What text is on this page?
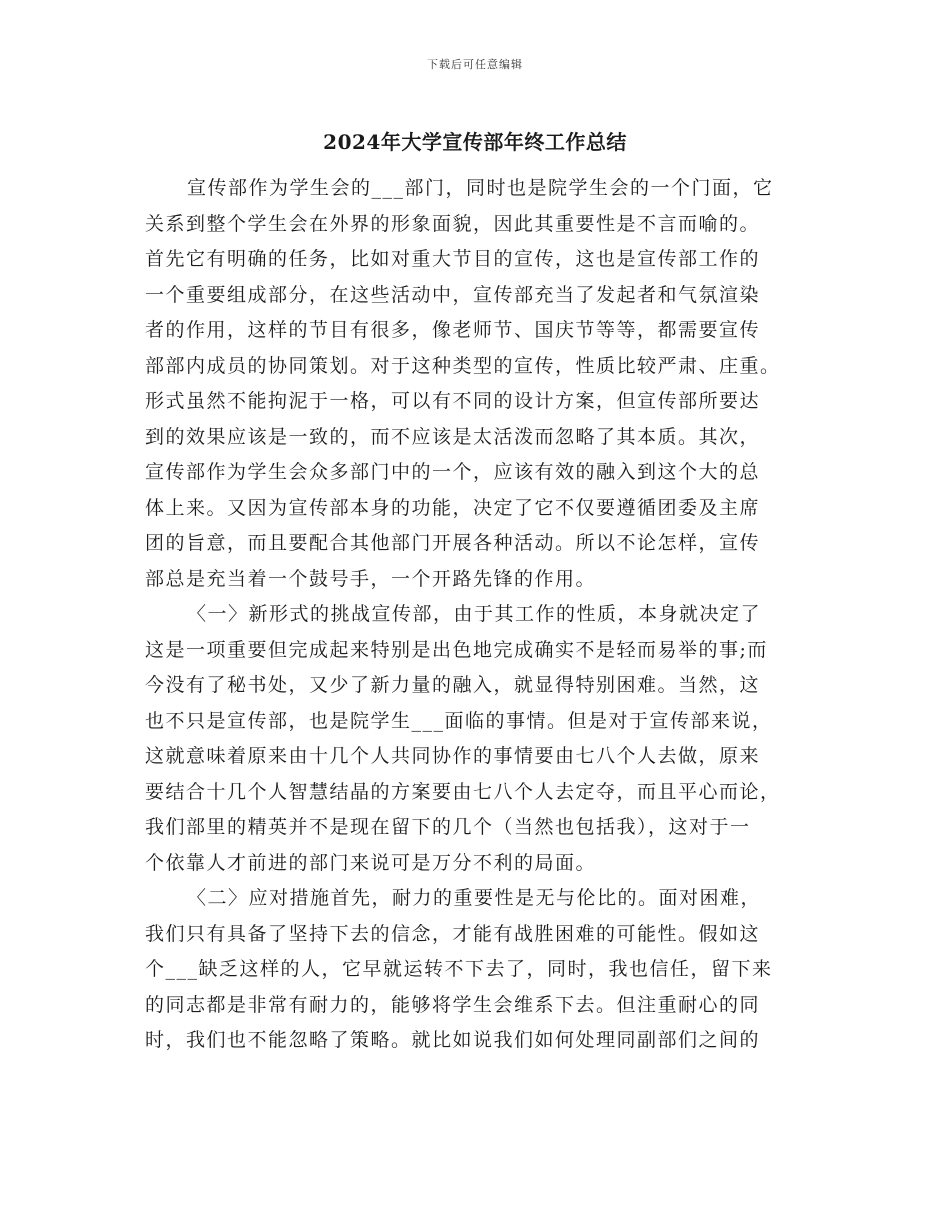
下载后可任意编辑
2024年大学宣传部年终工作总结
宣传部作为学生会的___部门，同时也是院学生会的一个门面，它
关系到整个学生会在外界的形象面貌，因此其重要性是不言而喻的。
首先它有明确的任务，比如对重大节目的宣传，这也是宣传部工作的
一个重要组成部分，在这些活动中，宣传部充当了发起者和气氛渲染
者的作用，这样的节目有很多，像老师节、国庆节等等，都需要宣传
部部内成员的协同策划。对于这种类型的宣传，性质比较严肃、庄重。
形式虽然不能拘泥于一格，可以有不同的设计方案，但宣传部所要达
到的效果应该是一致的，而不应该是太活泼而忽略了其本质。其次，
宣传部作为学生会众多部门中的一个，应该有效的融入到这个大的总
体上来。又因为宣传部本身的功能，决定了它不仅要遵循团委及主席
团的旨意，而且要配合其他部门开展各种活动。所以不论怎样，宣传
部总是充当着一个鼓号手，一个开路先锋的作用。
〈一〉新形式的挑战宣传部，由于其工作的性质，本身就决定了
这是一项重要但完成起来特别是出色地完成确实不是轻而易举的事;而
今没有了秘书处，又少了新力量的融入，就显得特别困难。当然，这
也不只是宣传部，也是院学生___面临的事情。但是对于宣传部来说，
这就意味着原来由十几个人共同协作的事情要由七八个人去做，原来
要结合十几个人智慧结晶的方案要由七八个人去定夺，而且平心而论，
我们部里的精英并不是现在留下的几个（当然也包括我），这对于一
个依靠人才前进的部门来说可是万分不利的局面。
〈二〉应对措施首先，耐力的重要性是无与伦比的。面对困难，
我们只有具备了坚持下去的信念，才能有战胜困难的可能性。假如这
个___缺乏这样的人，它早就运转不下去了，同时，我也信任，留下来
的同志都是非常有耐力的，能够将学生会维系下去。但注重耐心的同
时，我们也不能忽略了策略。就比如说我们如何处理同副部们之间的
